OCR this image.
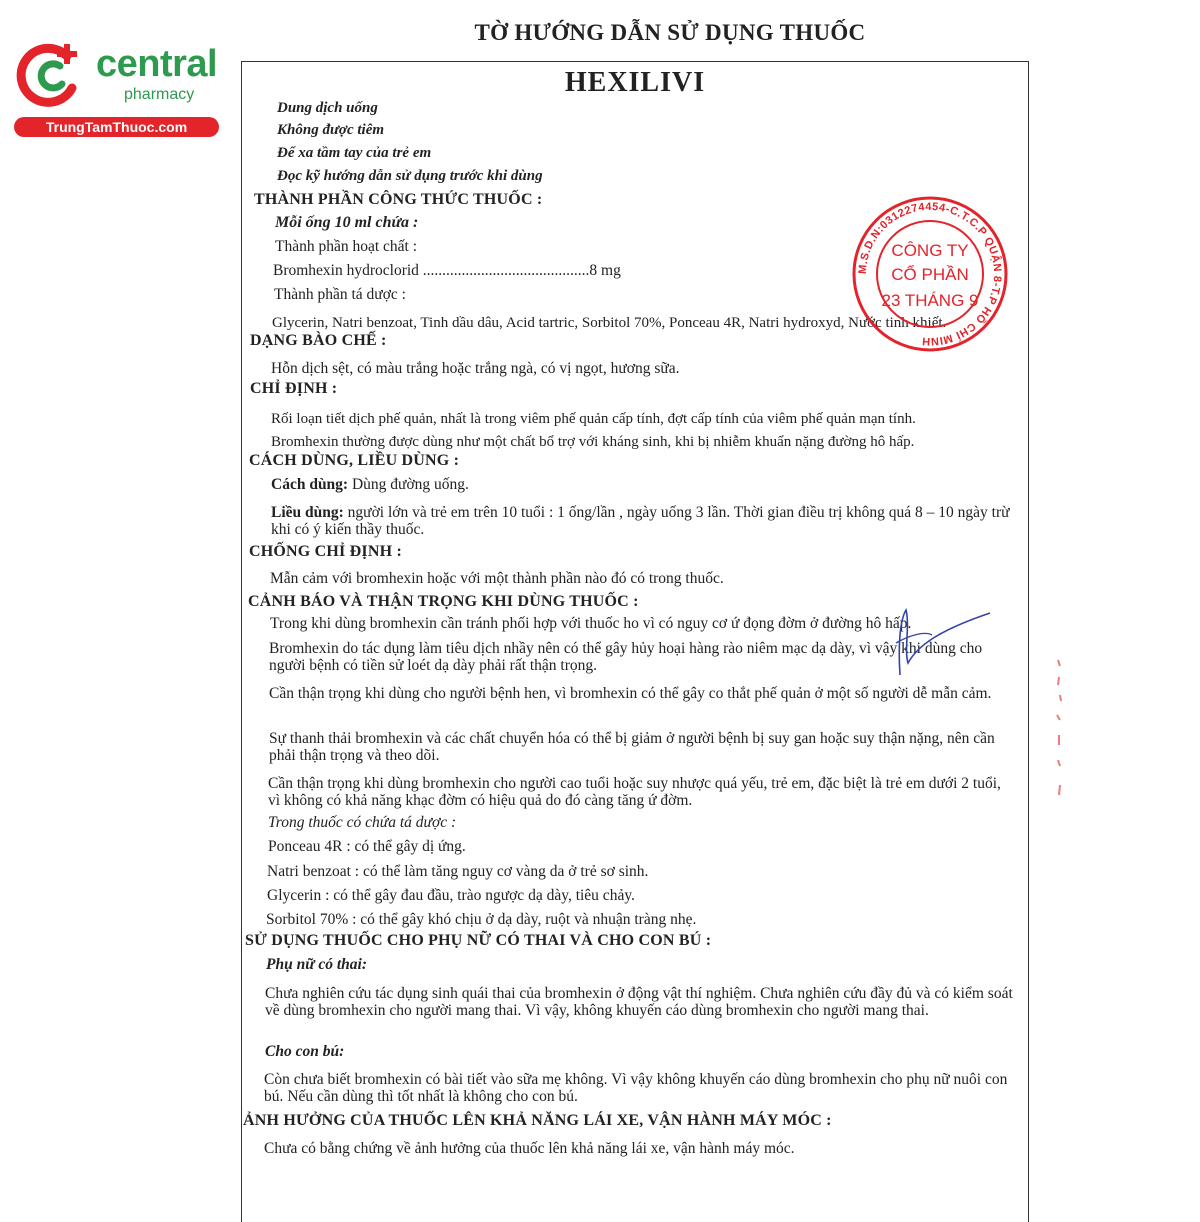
central
pharmacy
TrungTamThuoc.com
TỜ HƯỚNG DẪN SỬ DỤNG THUỐC
HEXILIVI
Dung dịch uống
Không được tiêm
Để xa tầm tay của trẻ em
Đọc kỹ hướng dẫn sử dụng trước khi dùng
THÀNH PHẦN CÔNG THỨC THUỐC :
Mỗi ống 10 ml chứa :
Thành phần hoạt chất :
Bromhexin hydroclorid ...........................................8 mg
Thành phần tá dược :
Glycerin, Natri benzoat, Tinh dầu dâu, Acid tartric, Sorbitol 70%, Ponceau 4R, Natri hydroxyd, Nước tinh khiết.
DẠNG BÀO CHẾ :
Hỗn dịch sệt, có màu trắng hoặc trắng ngà, có vị ngọt, hương sữa.
CHỈ ĐỊNH :
Rối loạn tiết dịch phế quản, nhất là trong viêm phế quản cấp tính, đợt cấp tính của viêm phế quản mạn tính.
Bromhexin thường được dùng như một chất bổ trợ với kháng sinh, khi bị nhiễm khuẩn nặng đường hô hấp.
CÁCH DÙNG, LIỀU DÙNG :
Cách dùng: Dùng đường uống.
Liều dùng: người lớn và trẻ em trên 10 tuổi : 1 ống/lần , ngày uống 3 lần. Thời gian điều trị không quá 8 – 10 ngày trừ khi có ý kiến thầy thuốc.
CHỐNG CHỈ ĐỊNH :
Mẫn cảm với bromhexin hoặc với một thành phần nào đó có trong thuốc.
CẢNH BÁO VÀ THẬN TRỌNG KHI DÙNG THUỐC :
Trong khi dùng bromhexin cần tránh phối hợp với thuốc ho vì có nguy cơ ứ đọng đờm ở đường hô hấp.
Bromhexin do tác dụng làm tiêu dịch nhầy nên có thể gây hủy hoại hàng rào niêm mạc dạ dày, vì vậy khi dùng cho người bệnh có tiền sử loét dạ dày phải rất thận trọng.
Cần thận trọng khi dùng cho người bệnh hen, vì bromhexin có thể gây co thắt phế quản ở một số người dễ mẫn cảm.
Sự thanh thải bromhexin và các chất chuyển hóa có thể bị giảm ở người bệnh bị suy gan hoặc suy thận nặng, nên cần phải thận trọng và theo dõi.
Cần thận trọng khi dùng bromhexin cho người cao tuổi hoặc suy nhược quá yếu, trẻ em, đặc biệt là trẻ em dưới 2 tuổi, vì không có khả năng khạc đờm có hiệu quả do đó càng tăng ứ đờm.
Trong thuốc có chứa tá dược :
Ponceau 4R : có thể gây dị ứng.
Natri benzoat : có thể làm tăng nguy cơ vàng da ở trẻ sơ sinh.
Glycerin : có thể gây đau đầu, trào ngược dạ dày, tiêu chảy.
Sorbitol 70% : có thể gây khó chịu ở dạ dày, ruột và nhuận tràng nhẹ.
SỬ DỤNG THUỐC CHO PHỤ NỮ CÓ THAI VÀ CHO CON BÚ :
Phụ nữ có thai:
Chưa nghiên cứu tác dụng sinh quái thai của bromhexin ở động vật thí nghiệm. Chưa nghiên cứu đầy đủ và có kiểm soát về dùng bromhexin cho người mang thai. Vì vậy, không khuyến cáo dùng bromhexin cho người mang thai.
Cho con bú:
Còn chưa biết bromhexin có bài tiết vào sữa mẹ không. Vì vậy không khuyến cáo dùng bromhexin cho phụ nữ nuôi con bú. Nếu cần dùng thì tốt nhất là không cho con bú.
ẢNH HƯỞNG CỦA THUỐC LÊN KHẢ NĂNG LÁI XE, VẬN HÀNH MÁY MÓC :
Chưa có bằng chứng về ảnh hưởng của thuốc lên khả năng lái xe, vận hành máy móc.
M.S.D.N:0312274454-C.T.C.P QUẬN 8-T.P HỒ CHÍ MINH
CÔNG TY
CỔ PHẦN
23 THÁNG 9
